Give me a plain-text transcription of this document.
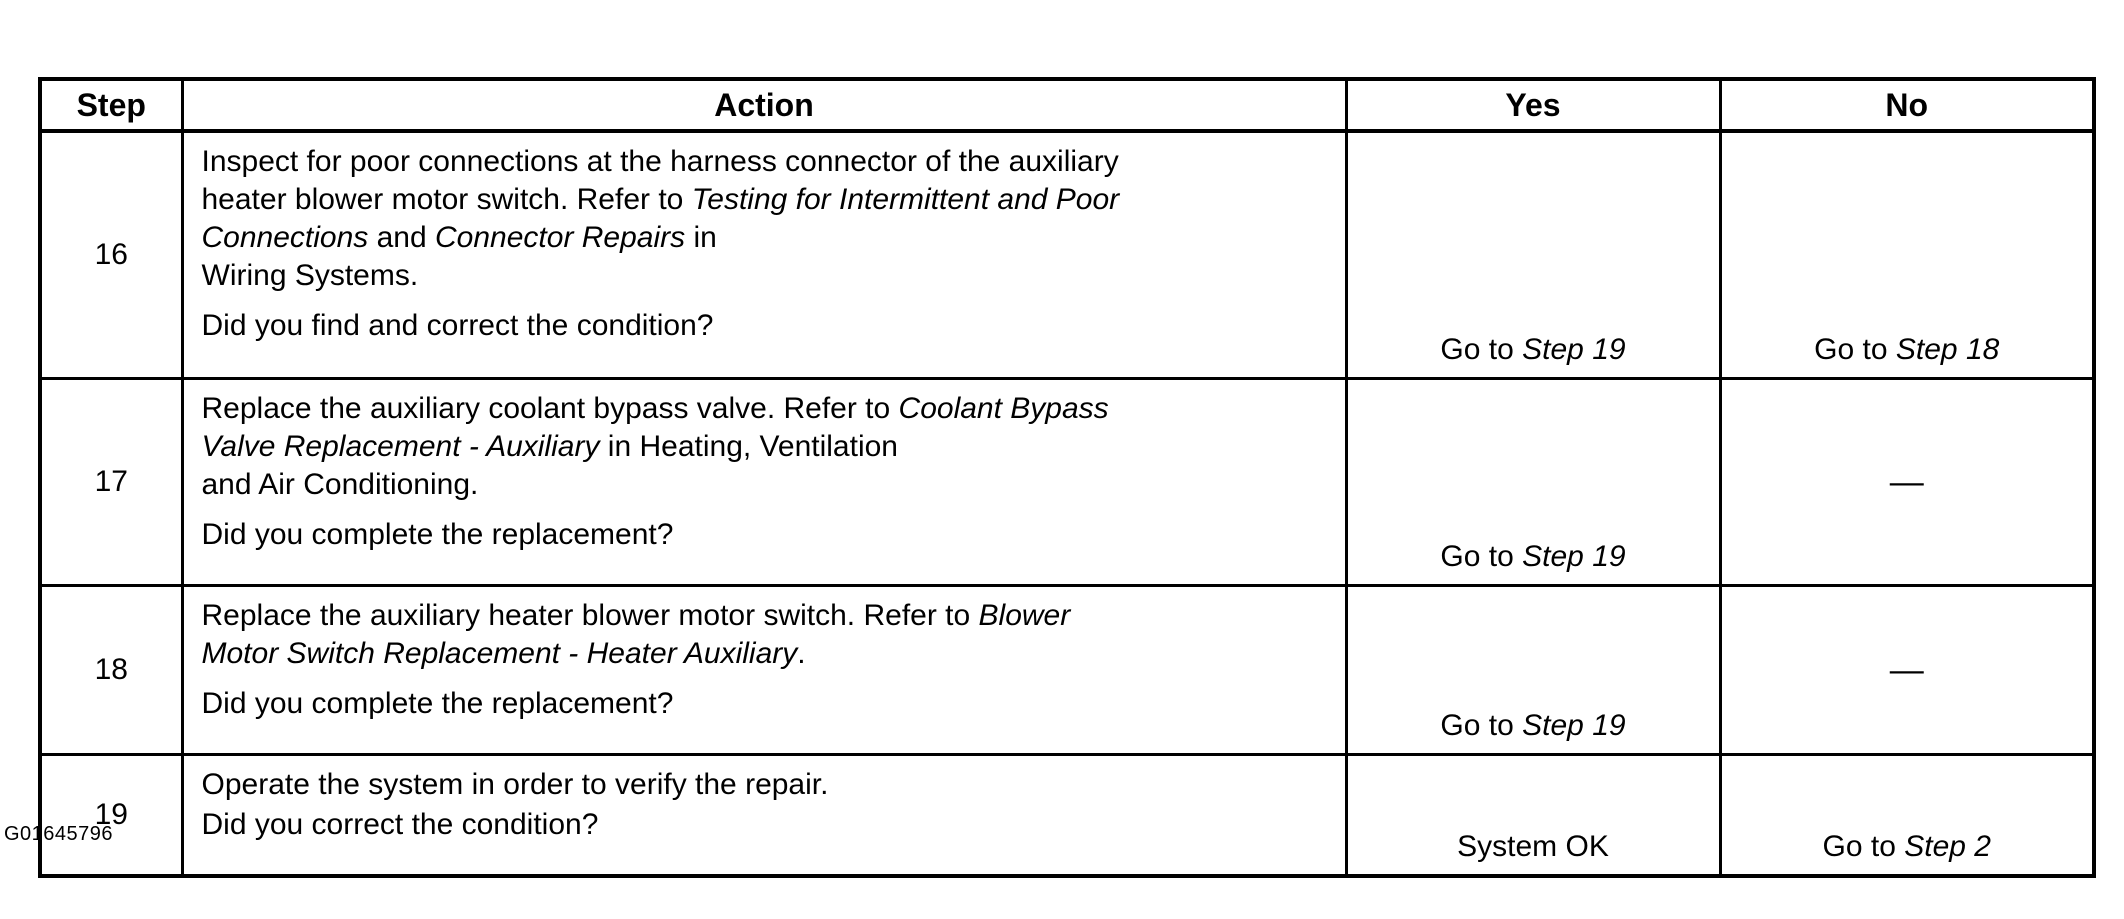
Step	Action	Yes	No
16	Inspect for poor connections at the harness connector of the auxiliary

heater blower motor switch. Refer to Testing for Intermittent and Poor

Connections and Connector Repairs in

Wiring Systems.

Did you find and correct the condition?	Go to Step 19	Go to Step 18
17	Replace the auxiliary coolant bypass valve. Refer to Coolant Bypass

Valve Replacement - Auxiliary in Heating, Ventilation

and Air Conditioning.

Did you complete the replacement?	Go to Step 19	—
18	Replace the auxiliary heater blower motor switch. Refer to Blower

Motor Switch Replacement - Heater Auxiliary.

Did you complete the replacement?	Go to Step 19	—
19	Operate the system in order to verify the repair.

Did you correct the condition?	System OK	Go to Step 2
G01645796
